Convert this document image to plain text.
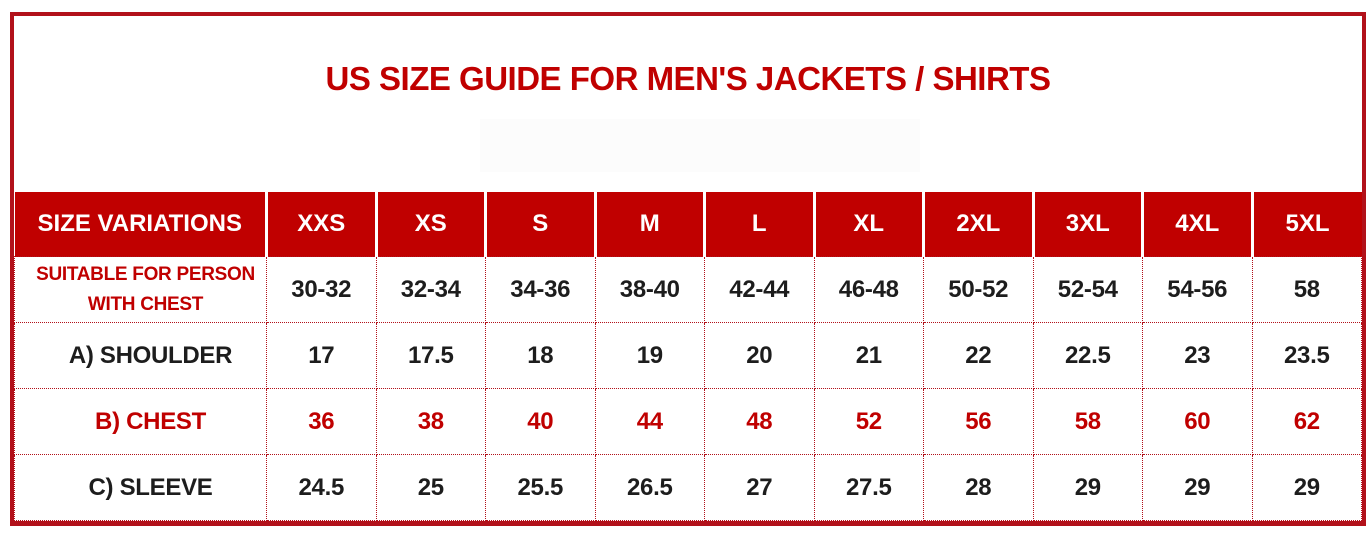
US SIZE GUIDE FOR MEN'S JACKETS / SHIRTS
SIZE VARIATIONS	XXS	XS	S	M	L	XL	2XL	3XL	4XL	5XL
SUITABLE FOR PERSON WITH CHEST	30-32	32-34	34-36	38-40	42-44	46-48	50-52	52-54	54-56	58
A) SHOULDER	17	17.5	18	19	20	21	22	22.5	23	23.5
B) CHEST	36	38	40	44	48	52	56	58	60	62
C) SLEEVE	24.5	25	25.5	26.5	27	27.5	28	29	29	29
